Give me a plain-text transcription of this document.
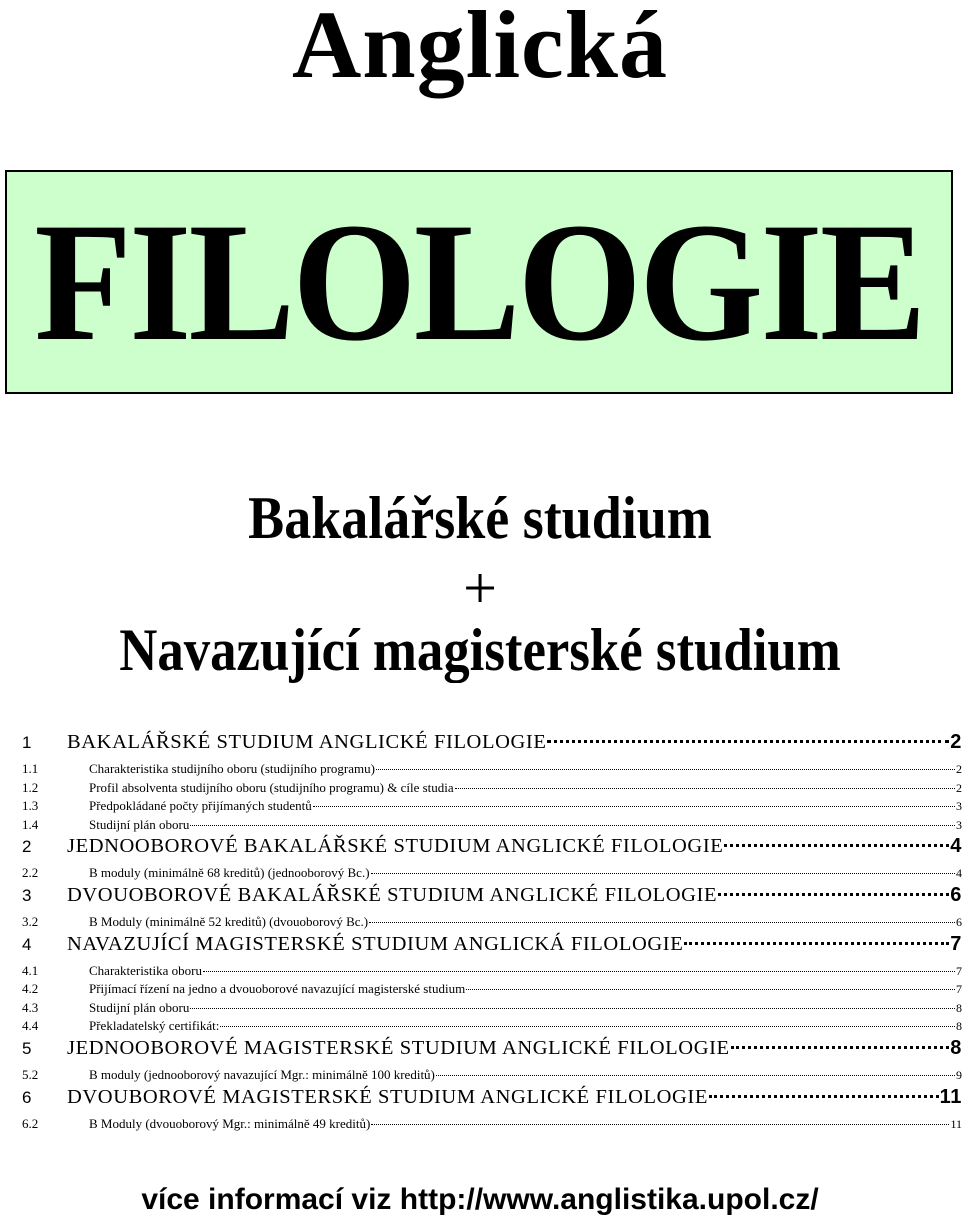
Anglická
FILOLOGIE
Bakalářské studium
+
Navazující magisterské studium
1	BAKALÁŘSKÉ STUDIUM ANGLICKÉ FILOLOGIE	2
1.1	Charakteristika studijního oboru (studijního programu)	2
1.2	Profil absolventa studijního oboru (studijního programu) & cíle studia	2
1.3	Předpokládané počty přijímaných studentů	3
1.4	Studijní plán oboru	3
2	JEDNOOBOROVÉ BAKALÁŘSKÉ STUDIUM ANGLICKÉ FILOLOGIE	4
2.2	B moduly (minimálně 68 kreditů) (jednooborový Bc.)	4
3	DVOUOBOROVÉ BAKALÁŘSKÉ STUDIUM ANGLICKÉ FILOLOGIE	6
3.2	B Moduly (minimálně 52 kreditů) (dvouoborový Bc.)	6
4	NAVAZUJÍCÍ MAGISTERSKÉ STUDIUM ANGLICKÁ FILOLOGIE	7
4.1	Charakteristika oboru	7
4.2	Přijímací řízení na jedno a dvouoborové navazující magisterské studium	7
4.3	Studijní plán oboru	8
4.4	Překladatelský certifikát:	8
5	JEDNOOBOROVÉ MAGISTERSKÉ STUDIUM ANGLICKÉ FILOLOGIE	8
5.2	B moduly (jednooborový navazující Mgr.: minimálně 100 kreditů)	9
6	DVOUBOROVÉ MAGISTERSKÉ STUDIUM ANGLICKÉ FILOLOGIE	11
6.2	B Moduly (dvouoborový Mgr.: minimálně 49 kreditů)	11
více informací viz http://www.anglistika.upol.cz/
